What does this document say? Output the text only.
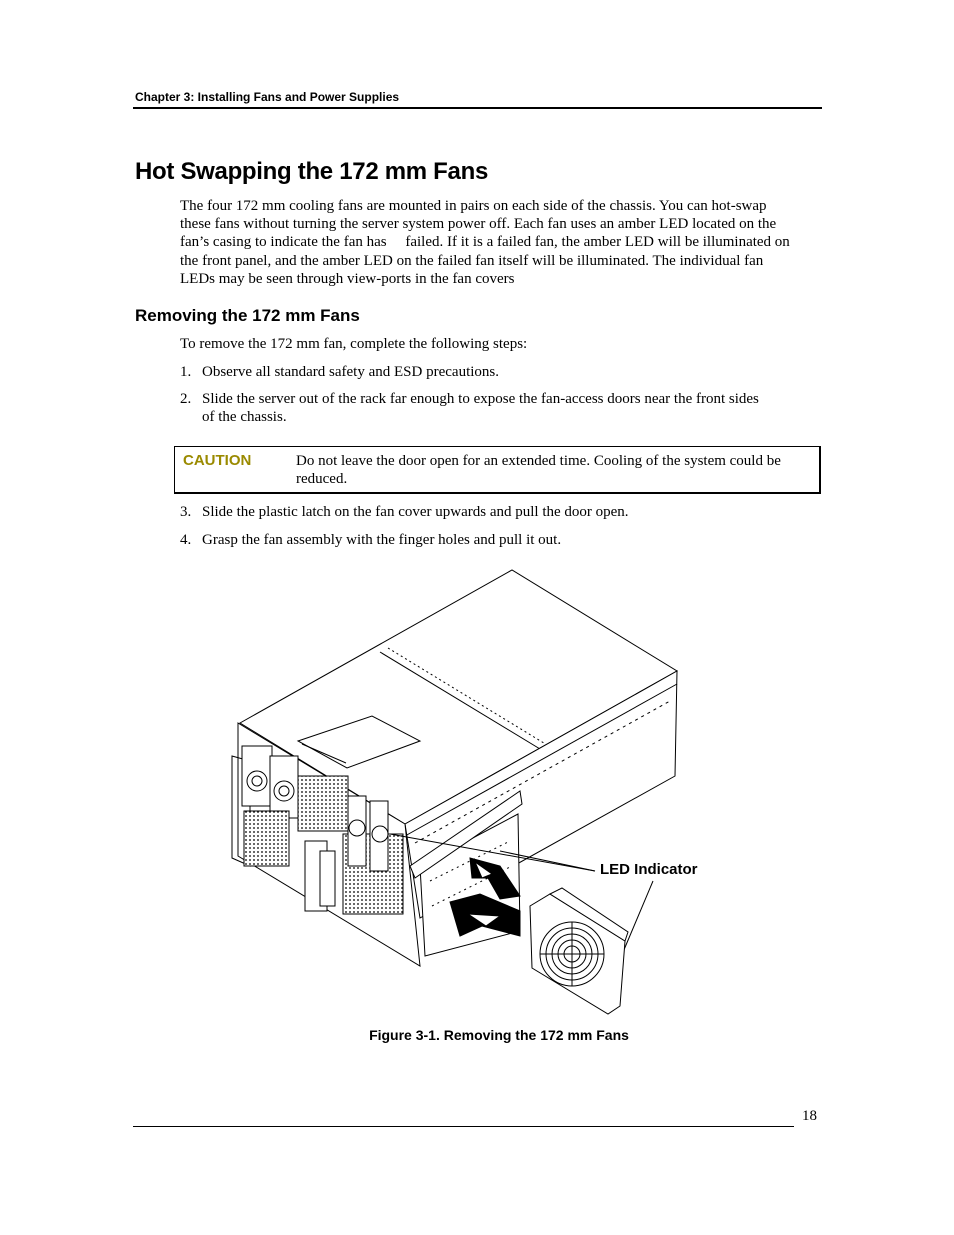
Chapter 3: Installing Fans and Power Supplies
Hot Swapping the 172 mm Fans

The four 172 mm cooling fans are mounted in pairs on each side of the chassis. You can hot-swap

these fans without turning the server system power off. Each fan uses an amber LED located on the

fan’s casing to indicate the fan has     failed. If it is a failed fan, the amber LED will be illuminated on

the front panel, and the amber LED on the failed fan itself will be illuminated. The individual fan

LEDs may be seen through view-ports in the fan covers

Removing the 172 mm Fans
To remove the 172 mm fan, complete the following steps:
1. Observe all standard safety and ESD precautions.
2. Slide the server out of the rack far enough to expose the fan-access doors near the front sides
of the chassis.
CAUTION	Do not leave the door open for an extended time. Cooling of the system could be

reduced.

3. Slide the plastic latch on the fan cover upwards and pull the door open.
4. Grasp the fan assembly with the finger holes and pull it out.
LED Indicator
Figure 3-1. Removing the 172 mm Fans
18
